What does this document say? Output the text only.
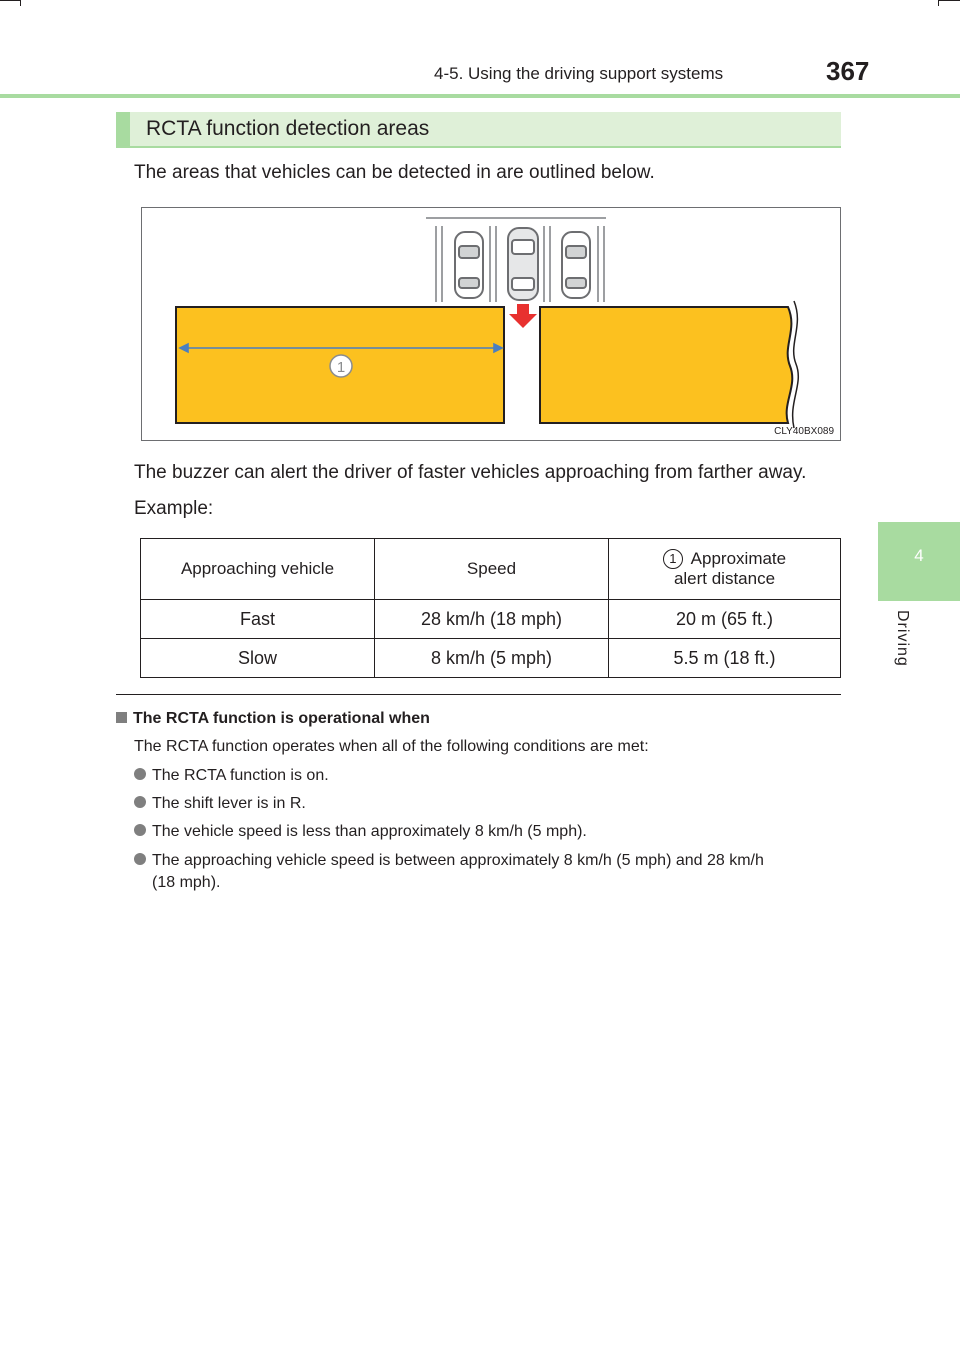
4-5. Using the driving support systems	367
4
Driving
RCTA function detection areas
The areas that vehicles can be detected in are outlined below.
1
CLY40BX089
The buzzer can alert the driver of faster vehicles approaching from farther away.
Example:
Approaching vehicle	Speed	1 Approximate
alert distance
Fast	28 km/h (18 mph)	20 m (65 ft.)
Slow	8 km/h (5 mph)	5.5 m (18 ft.)
The RCTA function is operational when
The RCTA function operates when all of the following conditions are met:
The RCTA function is on.
The shift lever is in R.
The vehicle speed is less than approximately 8 km/h (5 mph).
The approaching vehicle speed is between approximately 8 km/h (5 mph) and 28 km/h
(18 mph).
